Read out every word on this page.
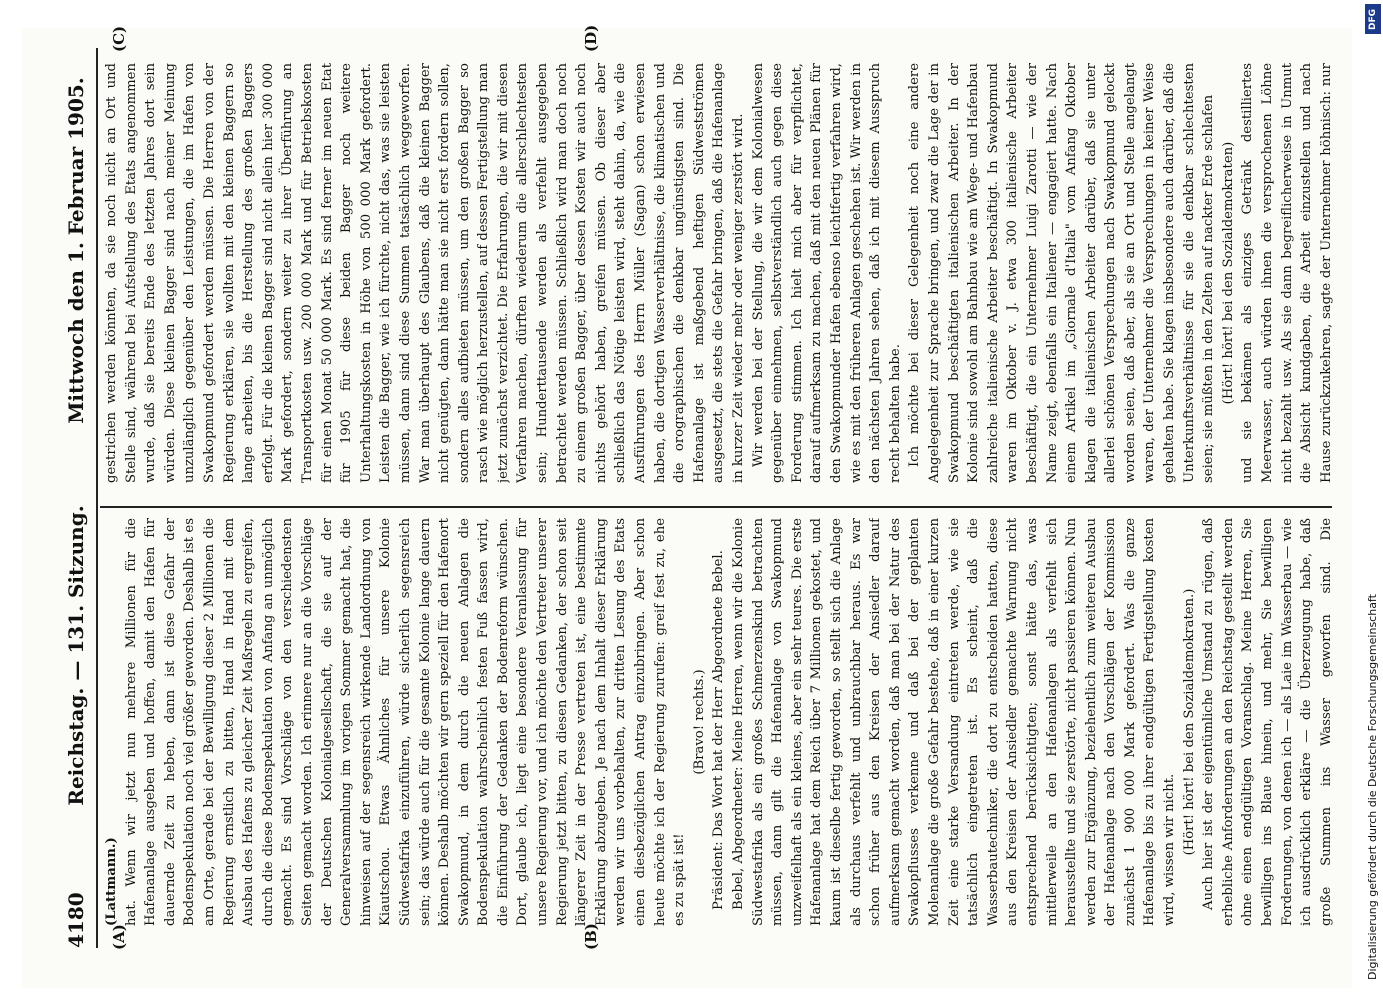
4180
Reichstag. — 131. Sitzung.
Mittwoch den 1. Februar 1905.
(A)	(B)
(C)	(D)

(Lattmann.) hat. Wenn wir jetzt nun mehrere Millionen für die Hafenanlage ausgeben und hoffen, damit den Hafen für dauernde Zeit zu heben, dann ist diese Gefahr der Bodenspekulation noch viel größer geworden. Deshalb ist es am Orte, gerade bei der Bewilligung dieser 2 Millionen die Regierung ernstlich zu bitten, Hand in Hand mit dem Ausbau des Hafens zu gleicher Zeit Maßregeln zu ergreifen, durch die diese Bodenspekulation von Anfang an unmöglich gemacht. Es sind Vorschläge von den verschiedensten Seiten gemacht worden. Ich erinnere nur an die Vorschläge der Deutschen Kolonialgesellschaft, die sie auf der Generalversammlung im vorigen Sommer gemacht hat, die hinweisen auf der segensreich wirkende Landordnung von Kiautschou. Etwas Ähnliches für unsere Kolonie Südwestafrika einzuführen, würde sicherlich segensreich sein; das würde auch für die gesamte Kolonie lange dauern können. Deshalb möchten wir gern speziell für den Hafenort Swakopmund, in dem durch die neuen Anlagen die Bodenspekulation wahrscheinlich festen Fuß fassen wird, die Einführung der Gedanken der Bodenreform wünschen. Dort, glaube ich, liegt eine besondere Veranlassung für unsere Regierung vor, und ich möchte den Vertreter unserer Regierung jetzt bitten, zu diesen Gedanken, der schon seit längerer Zeit in der Presse vertreten ist, eine bestimmte Erklärung abzugeben. Je nach dem Inhalt dieser Erklärung werden wir uns vorbehalten, zur dritten Lesung des Etats einen diesbezüglichen Antrag einzubringen. Aber schon heute möchte ich der Regierung zurufen: greif fest zu, ehe es zu spät ist!

(Bravo! rechts.) Präsident: Das Wort hat der Herr Abgeordnete Bebel. Bebel, Abgeordneter: Meine Herren, wenn wir die Kolonie Südwestafrika als ein großes Schmerzenskind betrachten müssen, dann gilt die Hafenanlage von Swakopmund unzweifelhaft als ein kleines, aber ein sehr teures. Die erste Hafenanlage hat dem Reich über 7 Millionen gekostet, und kaum ist dieselbe fertig geworden, so stellt sich die Anlage als durchaus verfehlt und unbrauchbar heraus. Es war schon früher aus den Kreisen der Ansiedler darauf aufmerksam gemacht worden, daß man bei der Natur des Swakopflusses verkenne und daß bei der geplanten Molenanlage die große Gefahr bestehe, daß in einer kurzen Zeit eine starke Versandung eintreten werde, wie sie tatsächlich eingetreten ist. Es scheint, daß die Wasserbautechniker, die dort zu entscheiden hatten, diese aus den Kreisen der Ansiedler gemachte Warnung nicht entsprechend berücksichtigten; sonst hätte das, was mittlerweile an den Hafenanlagen als verfehlt sich herausstellte und sie zerstörte, nicht passieren können. Nun werden zur Ergänzung, beziehentlich zum weiteren Ausbau der Hafenanlage nach den Vorschlägen der Kommission zunächst 1 900 000 Mark gefordert. Was die ganze Hafenanlage bis zu ihrer endgültigen Fertigstellung kosten wird, wissen wir nicht. (Hört! hört! bei den Sozialdemokraten.)

Auch hier ist der eigentümliche Umstand zu rügen, daß erhebliche Anforderungen an den Reichstag gestellt werden ohne einen endgültigen Voranschlag. Meine Herren, Sie bewilligen ins Blaue hinein, und mehr, Sie bewilligen Forderungen, von denen ich — als Laie im Wasserbau — wie ich ausdrücklich erkläre — die Überzeugung habe, daß große Summen ins Wasser geworfen sind. Die

gestrichen werden könnten, da sie noch nicht an Ort und Stelle sind, während bei Aufstellung des Etats angenommen wurde, daß sie bereits Ende des letzten Jahres dort sein würden. Diese kleinen Bagger sind nach meiner Meinung unzulänglich gegenüber den Leistungen, die im Hafen von Swakopmund gefordert werden müssen. Die Herren von der Regierung erklären, sie wollten mit den kleinen Baggern so lange arbeiten, bis die Herstellung des großen Baggers erfolgt. Für die kleinen Bagger sind nicht allein hier 300 000 Mark gefordert, sondern weiter zu ihrer Überführung an Transportkosten usw. 200 000 Mark und für Betriebskosten für einen Monat 50 000 Mark. Es sind ferner im neuen Etat für 1905 für diese beiden Bagger noch weitere Unterhaltungskosten in Höhe von 500 000 Mark gefordert. Leisten die Bagger, wie ich fürchte, nicht das, was sie leisten müssen, dann sind diese Summen tatsächlich weggeworfen. War man überhaupt des Glaubens, daß die kleinen Bagger nicht genügten, dann hätte man sie nicht erst fordern sollen, sondern alles aufbieten müssen, um den großen Bagger so rasch wie möglich herzustellen, auf dessen Fertigstellung man jetzt zunächst verzichtet. Die Erfahrungen, die wir mit diesen Verfahren machen, dürften wiederum die allerschlechtesten sein; Hunderttausende werden als verfehlt ausgegeben betrachtet werden müssen. Schließlich wird man doch noch zu einem großen Bagger, über dessen Kosten wir auch noch nichts gehört haben, greifen müssen. Ob dieser aber schließlich das Nötige leisten wird, steht dahin, da, wie die Ausführungen des Herrn Müller (Sagan) schon erwiesen haben, die dortigen Wasserverhältnisse, die klimatischen und die orographischen die denkbar ungünstigsten sind. Die Hafenanlage ist maßgebend heftigen Südwestströmen ausgesetzt, die stets die Gefahr bringen, daß die Hafenanlage in kurzer Zeit wieder mehr oder weniger zerstört wird. Wir werden bei der Stellung, die wir dem Kolonialwesen gegenüber einnehmen, selbstverständlich auch gegen diese Forderung stimmen. Ich hielt mich aber für verpflichtet, darauf aufmerksam zu machen, daß mit den neuen Plänen für den Swakopmunder Hafen ebenso leichtfertig verfahren wird, wie es mit den früheren Anlagen geschehen ist. Wir werden in den nächsten Jahren sehen, daß ich mit diesem Ausspruch recht behalten habe. Ich möchte bei dieser Gelegenheit noch eine andere Angelegenheit zur Sprache bringen, und zwar die Lage der in Swakopmund beschäftigten italienischen Arbeiter. In der Kolonie sind sowohl am Bahnbau wie am Wege- und Hafenbau zahlreiche italienische Arbeiter beschäftigt. In Swakopmund waren im Oktober v. J. etwa 300 italienische Arbeiter beschäftigt, die ein Unternehmer Luigi Zarotti — wie der Name zeigt, ebenfalls ein Italiener — engagiert hatte. Nach einem Artikel im „Giornale d'Italia" vom Anfang Oktober klagen die italienischen Arbeiter darüber, daß sie unter allerlei schönen Versprechungen nach Swakopmund gelockt worden seien, daß aber, als sie an Ort und Stelle angelangt waren, der Unternehmer die Versprechungen in keiner Weise gehalten habe. Sie klagen insbesondere auch darüber, daß die Unterkunftsverhältnisse für sie die denkbar schlechtesten seien; sie müßten in den Zelten auf nackter Erde schlafen (Hört! hört! bei den Sozialdemokraten)

und sie bekämen als einziges Getränk destilliertes Meerwasser, auch würden ihnen die versprochenen Löhne nicht bezahlt usw. Als sie dann begreiflicherweise in Unmut die Absicht kundgaben, die Arbeit einzustellen und nach Hause zurückzukehren, sagte der Unternehmer höhnisch: nur

DFG
Digitalisierung gefördert durch die Deutsche Forschungsgemeinschaft
